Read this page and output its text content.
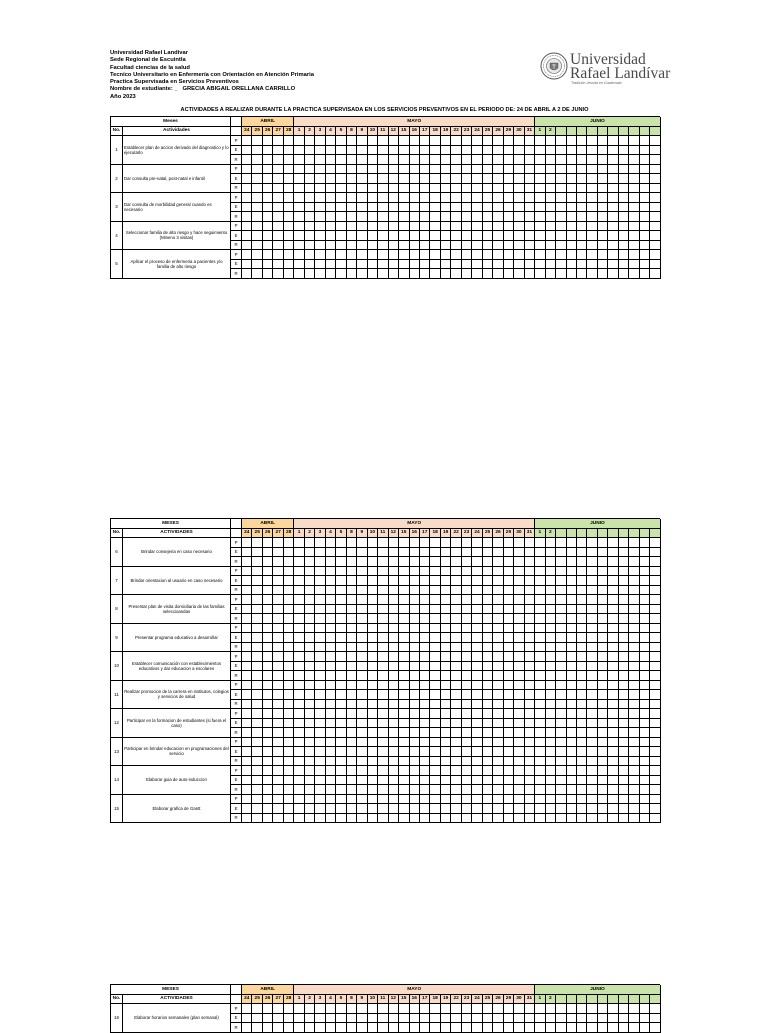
Universidad Rafael Landivar
Sede Regional de Escuintla
Facultad ciencias de la salud
Tecnico Universitario en Enfermería con Orientación en Atención Primaria
Practica Supervisada en Servicios Preventivos
Nombre de estudiante: _   GRECIA ABIGAIL ORELLANA CARRILLO
Año 2023
Universidad
Rafael Landívar
Tradición Jesuita en Guatemala
ACTIVIDADES A REALIZAR DURANTE LA PRACTICA SUPERVISADA EN LOS SERVICIOS PREVENTIVOS EN EL PERIODO DE: 24 DE ABRIL A 2 DE JUNIO
Meses	ABRIL	MAYO	JUNIO
No.	Actividades	24	25	26	27	28	1	2	3	4	5	8	9	10	11	12	15	16	17	18	19	22	23	24	25	26	29	30	31	1	2
1	Establecer plan de accion derivado del diagnostico y lo ejecutarlo
P
E
R
2	Dar consulta pre-natal, post-natal e infantil
P
E
R
3	Dar consulta de morbilidad general cuando es necesario
P
E
R
4	Seleccionar familia de alto riesgo y hace seguimiento (Mineno 3 visitas)
P
E
R
5	Aplicar el proceso de enfermeria a pacientes y/o familia de alto riesgo
P
E
R
MESES	ABRIL	MAYO	JUNIO
No.	ACTIVIDADES	24	25	26	27	28	1	2	3	4	5	8	9	10	11	12	15	16	17	18	19	22	23	24	25	26	29	30	31	1	2
6	Brindar consejeria en caso necesario
P
E
R
7	Brindar orientacion al usuario en caso necesario
P
E
R
8	Presentar plan de visita domiciliaria de las familias seleccioandas
P
E
R
9	Presentar programa educativo a desarrollar
P
E
R
10	Establecer comunicación con establecimientos educativos y dar educacion a escolares
P
E
R
11	Realizar promocion de la carrera en institutos, colegios y servicios de salud
P
E
R
12	Participar en la formacion de estudiantes (si fuera el caso)
P
E
R
13	Participar en brindar educacion en programaciones del servicio
P
E
R
14	Elaborar guia de auto-induccion
P
E
R
15	Elaborar grafica de Gantt
P
E
R
MESES	ABRIL	MAYO	JUNIO
No.	ACTIVIDADES	24	25	26	27	28	1	2	3	4	5	8	9	10	11	12	15	16	17	18	19	22	23	24	25	26	29	30	31	1	2
16	Elaborar horarios semanales (plan semanal)
P
E
R
